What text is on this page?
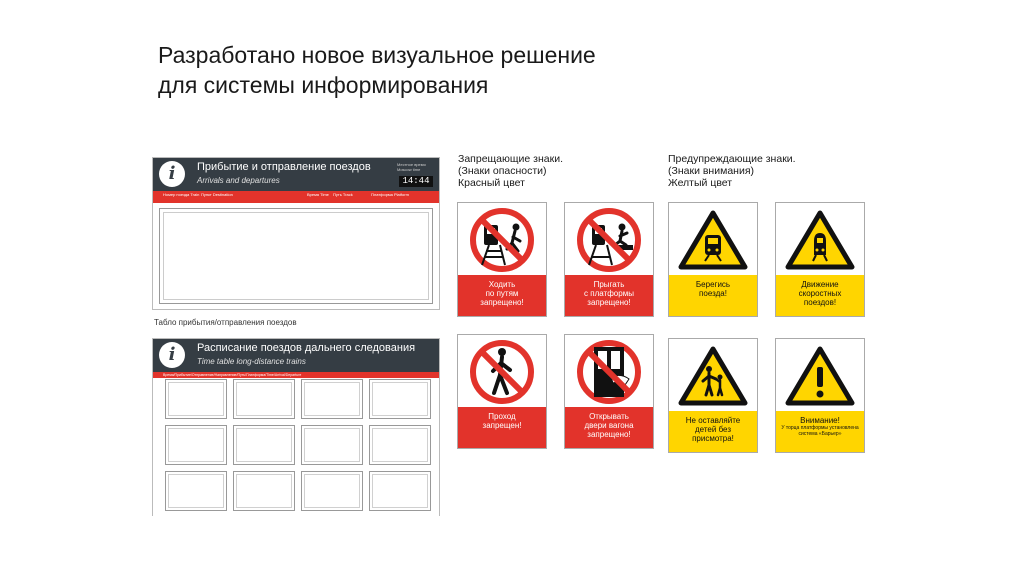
Разработано новое визуальное решение
для системы информирования
i	Прибытие и отправление поездов
Arrivals and departures
Местное время Moscow time
14:44
Номер поезда Train Пункт Destination	Время Time Путь Track	Платформа Platform
Табло прибытия/отправления поездов
i	Расписание поездов дальнего следования
Time table long-distance trains
Время/Прибытие/Отправление/Направление/Путь/Платформа/Time/Arrival/Departure
Запрещающие знаки.
(Знаки опасности)
Красный цвет
Предупреждающие знаки.
(Знаки внимания)
Желтый цвет
Ходить
по путям
запрещено!
Прыгать
с платформы
запрещено!
Проход
запрещен!
Открывать
двери вагона
запрещено!
Берегись
поезда!
Движение
скоростных
поездов!
Не оставляйте
детей без
присмотра!
Внимание!
У торца платформы установлена система «Барьер»
